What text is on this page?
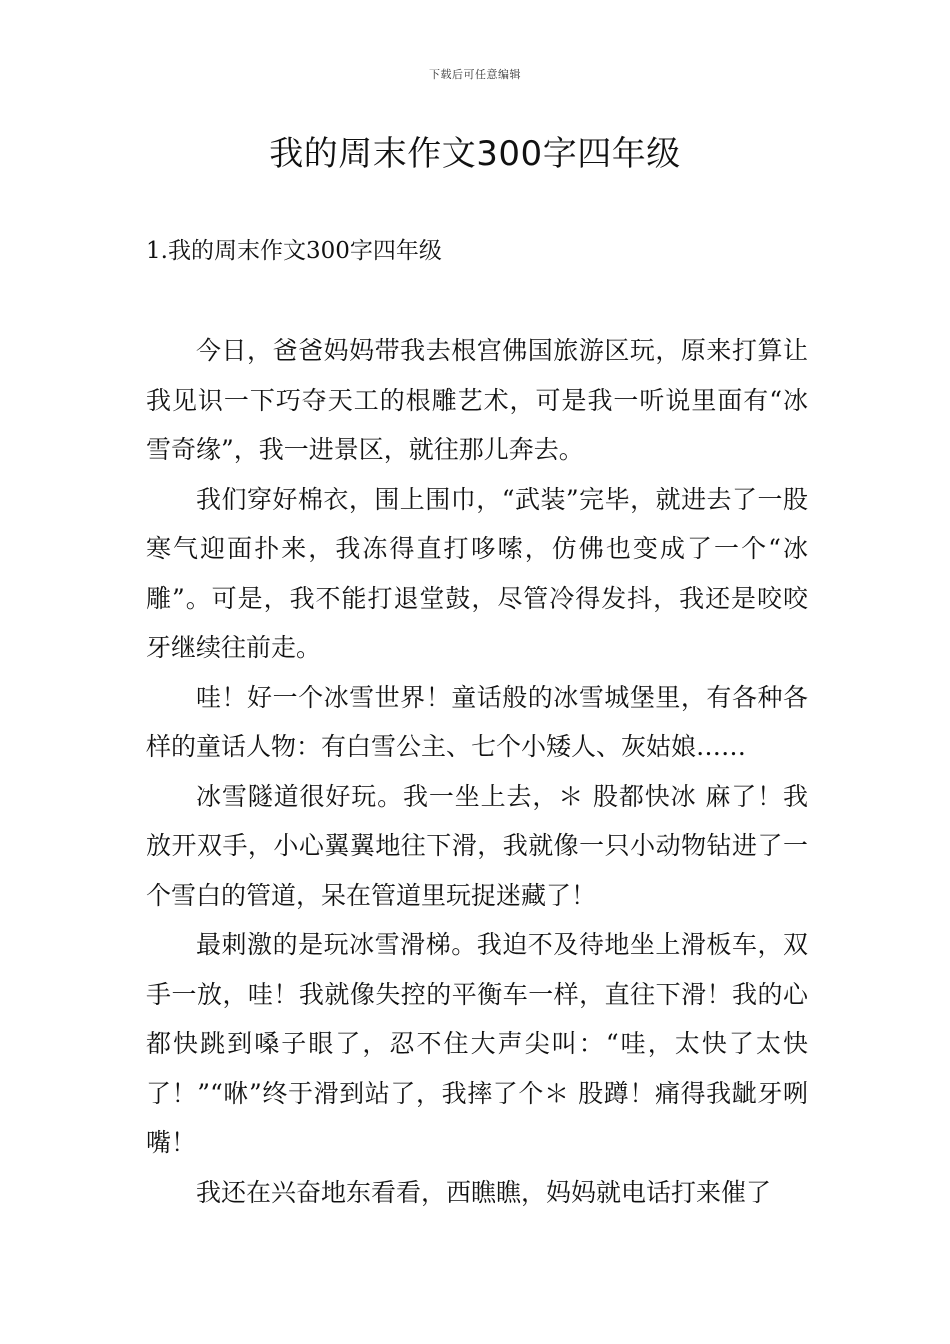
下载后可任意编辑
我的周末作文300字四年级
1.我的周末作文300字四年级

今日，爸爸妈妈带我去根宫佛国旅游区玩，原来打算让我见识一下巧夺天工的根雕艺术，可是我一听说里面有“冰雪奇缘”，我一进景区，就往那儿奔去。

我们穿好棉衣，围上围巾，“武装”完毕，就进去了一股寒气迎面扑来，我冻得直打哆嗦，仿佛也变成了一个“冰雕”。可是，我不能打退堂鼓，尽管冷得发抖，我还是咬咬牙继续往前走。

哇！好一个冰雪世界！童话般的冰雪城堡里，有各种各样的童话人物：有白雪公主、七个小矮人、灰姑娘……

冰雪隧道很好玩。我一坐上去，＊ 股都快冰 麻了！我放开双手，小心翼翼地往下滑，我就像一只小动物钻进了一个雪白的管道，呆在管道里玩捉迷藏了！

最刺激的是玩冰雪滑梯。我迫不及待地坐上滑板车，双手一放，哇！我就像失控的平衡车一样，直往下滑！我的心都快跳到嗓子眼了，忍不住大声尖叫：“哇，太快了太快了！”“咻”终于滑到站了，我摔了个＊ 股蹲！痛得我龇牙咧嘴！

我还在兴奋地东看看，西瞧瞧，妈妈就电话打来催了
